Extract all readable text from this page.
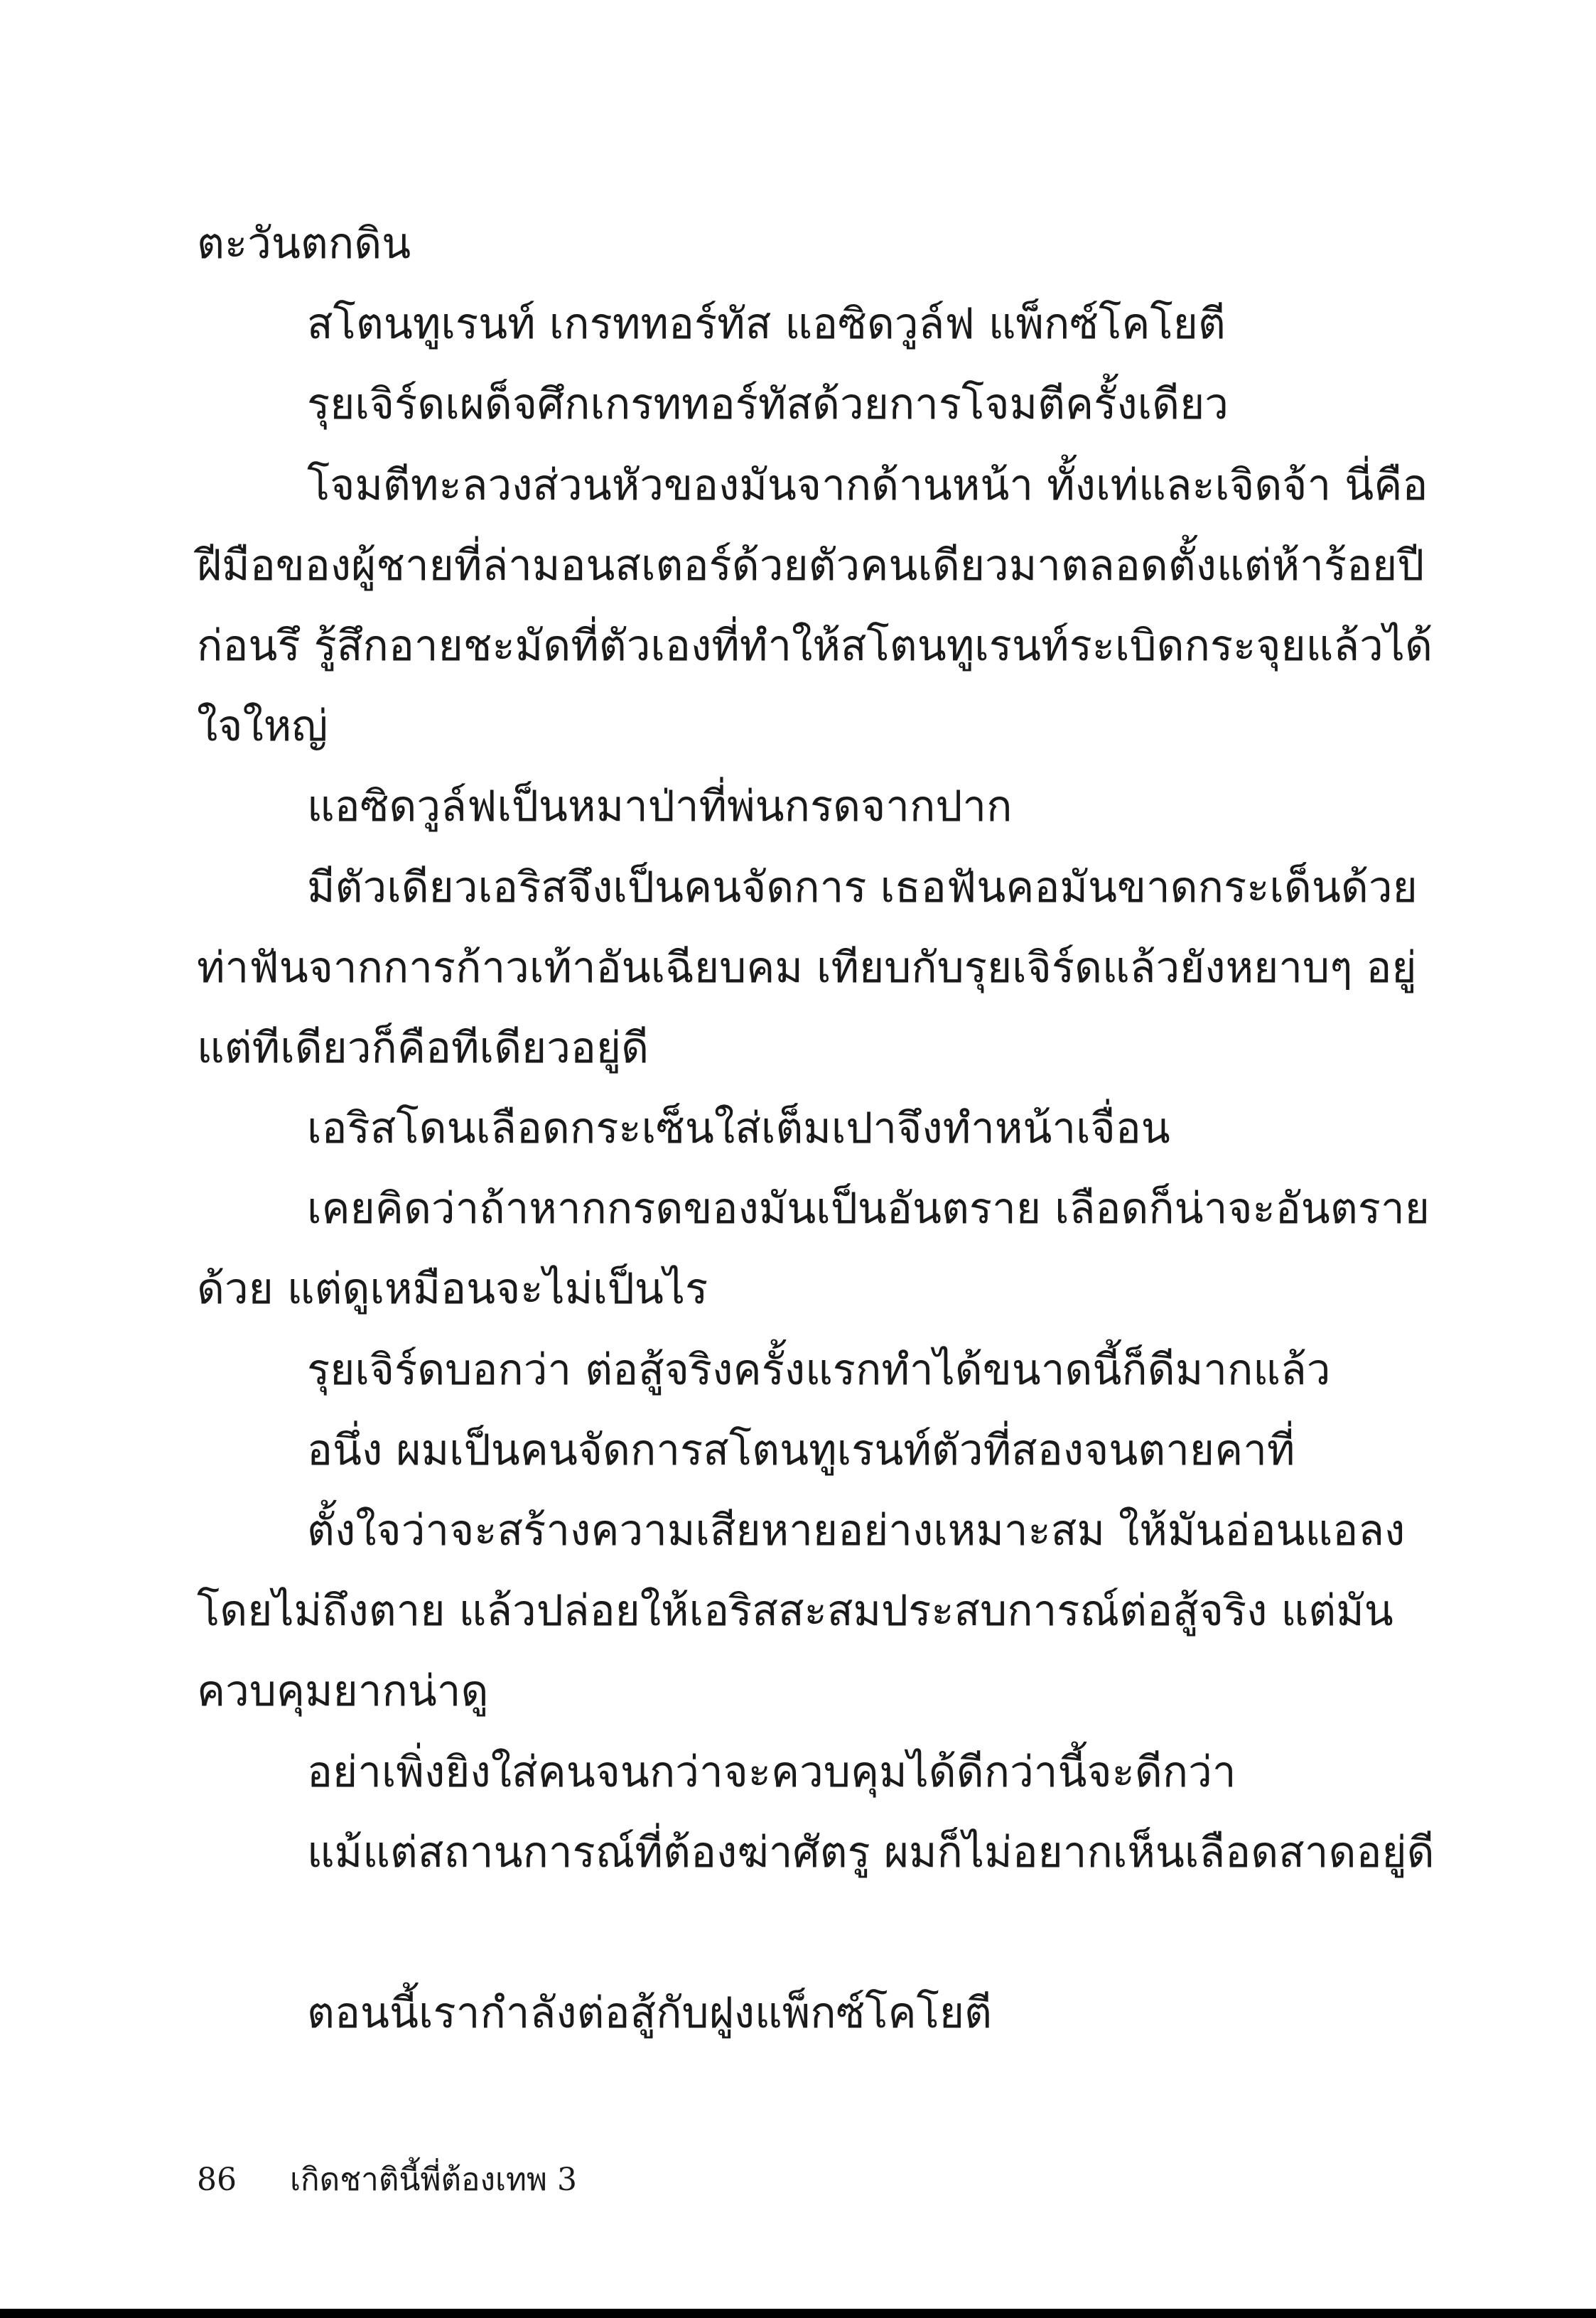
ตะวันตกดิน
สโตนทูเรนท์ เกรททอร์ทัส แอซิดวูล์ฟ แพ็กซ์โคโยตี
รุยเจิร์ดเผด็จศึกเกรททอร์ทัสด้วยการโจมตีครั้งเดียว
โจมตีทะลวงส่วนหัวของมันจากด้านหน้า ทั้งเท่และเจิดจ้า นี่คือ
ฝีมือของผู้ชายที่ล่ามอนสเตอร์ด้วยตัวคนเดียวมาตลอดตั้งแต่ห้าร้อยปี
ก่อนรึ รู้สึกอายชะมัดที่ตัวเองที่ทำให้สโตนทูเรนท์ระเบิดกระจุยแล้วได้
ใจใหญ่
แอซิดวูล์ฟเป็นหมาป่าที่พ่นกรดจากปาก
มีตัวเดียวเอริสจึงเป็นคนจัดการ เธอฟันคอมันขาดกระเด็นด้วย
ท่าฟันจากการก้าวเท้าอันเฉียบคม เทียบกับรุยเจิร์ดแล้วยังหยาบๆ อยู่
แต่ทีเดียวก็คือทีเดียวอยู่ดี
เอริสโดนเลือดกระเซ็นใส่เต็มเปาจึงทำหน้าเจื่อน
เคยคิดว่าถ้าหากกรดของมันเป็นอันตราย เลือดก็น่าจะอันตราย
ด้วย แต่ดูเหมือนจะไม่เป็นไร
รุยเจิร์ดบอกว่า ต่อสู้จริงครั้งแรกทำได้ขนาดนี้ก็ดีมากแล้ว
อนึ่ง ผมเป็นคนจัดการสโตนทูเรนท์ตัวที่สองจนตายคาที่
ตั้งใจว่าจะสร้างความเสียหายอย่างเหมาะสม ให้มันอ่อนแอลง
โดยไม่ถึงตาย แล้วปล่อยให้เอริสสะสมประสบการณ์ต่อสู้จริง แต่มัน
ควบคุมยากน่าดู
อย่าเพิ่งยิงใส่คนจนกว่าจะควบคุมได้ดีกว่านี้จะดีกว่า
แม้แต่สถานการณ์ที่ต้องฆ่าศัตรู ผมก็ไม่อยากเห็นเลือดสาดอยู่ดี
ตอนนี้เรากำลังต่อสู้กับฝูงแพ็กซ์โคโยตี
86 เกิดชาตินี้พี่ต้องเทพ 3
